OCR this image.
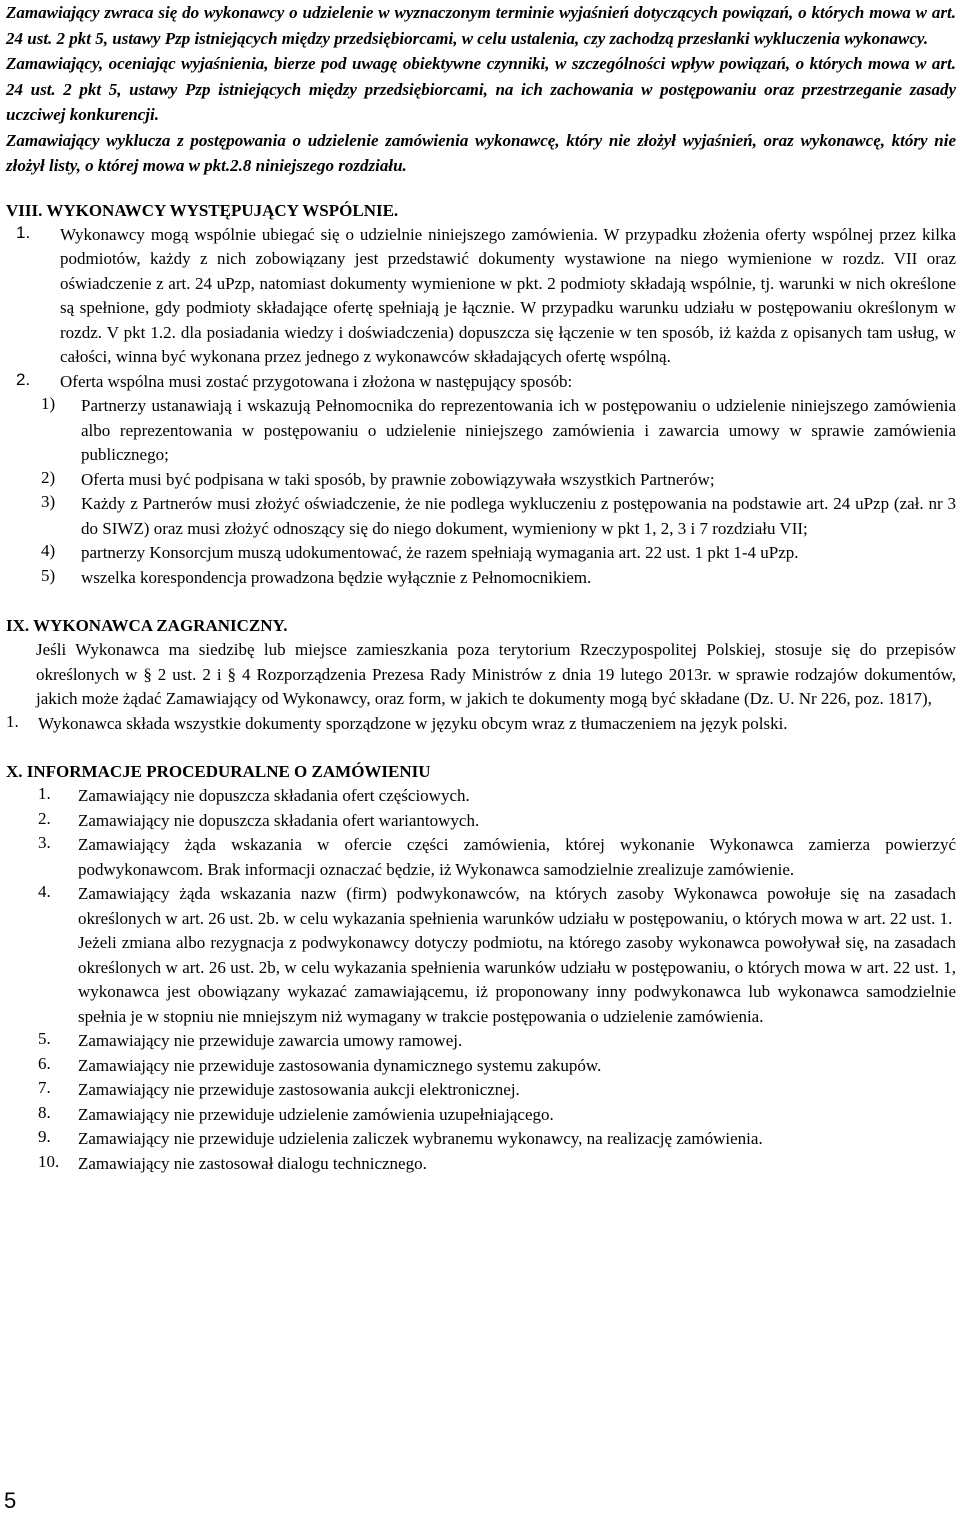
Zamawiający zwraca się do wykonawcy o udzielenie w wyznaczonym terminie wyjaśnień dotyczących powiązań, o których mowa w art. 24 ust. 2 pkt 5, ustawy Pzp istniejących między przedsiębiorcami, w celu ustalenia, czy zachodzą przesłanki wykluczenia wykonawcy.

Zamawiający, oceniając wyjaśnienia, bierze pod uwagę obiektywne czynniki, w szczególności wpływ powiązań, o których mowa w art. 24 ust. 2 pkt 5, ustawy Pzp istniejących między przedsiębiorcami, na ich zachowania w postępowaniu oraz przestrzeganie zasady uczciwej konkurencji.

Zamawiający wyklucza z postępowania o udzielenie zamówienia wykonawcę, który nie złożył wyjaśnień, oraz wykonawcę, który nie złożył listy, o której mowa w pkt.2.8 niniejszego rozdziału.

VIII. WYKONAWCY WYSTĘPUJĄCY WSPÓLNIE.

1.	Wykonawcy mogą wspólnie ubiegać się o udzielnie niniejszego zamówienia. W przypadku złożenia oferty wspólnej przez kilka podmiotów, każdy z nich zobowiązany jest przedstawić dokumenty wystawione na niego wymienione w rozdz. VII oraz oświadczenie z art. 24 uPzp, natomiast dokumenty wymienione w pkt. 2 podmioty składają wspólnie, tj. warunki w nich określone są spełnione, gdy podmioty składające ofertę spełniają je łącznie. W przypadku warunku udziału w postępowaniu określonym w rozdz. V pkt 1.2. dla posiadania wiedzy i doświadczenia) dopuszcza się łączenie w ten sposób, iż każda z opisanych tam usług, w całości, winna być wykonana przez jednego z wykonawców składających ofertę wspólną.
2.	Oferta wspólna musi zostać przygotowana i złożona w następujący sposób:
1)	Partnerzy ustanawiają i wskazują Pełnomocnika do reprezentowania ich w postępowaniu o udzielenie niniejszego zamówienia albo reprezentowania w postępowaniu o udzielenie niniejszego zamówienia i zawarcia umowy w sprawie zamówienia publicznego;
2)	Oferta musi być podpisana w taki sposób, by prawnie zobowiązywała wszystkich Partnerów;
3)	Każdy z Partnerów musi złożyć oświadczenie, że nie podlega wykluczeniu z postępowania na podstawie art. 24 uPzp (zał. nr 3 do SIWZ) oraz musi złożyć odnoszący się do niego dokument, wymieniony w pkt 1, 2, 3 i 7 rozdziału VII;
4)	partnerzy Konsorcjum muszą udokumentować, że razem spełniają wymagania art. 22 ust. 1 pkt 1-4 uPzp.
5)	wszelka korespondencja prowadzona będzie wyłącznie z Pełnomocnikiem.

IX. WYKONAWCA ZAGRANICZNY.

Jeśli Wykonawca ma siedzibę lub miejsce zamieszkania poza terytorium Rzeczypospolitej Polskiej, stosuje się do przepisów określonych w § 2 ust. 2 i § 4 Rozporządzenia Prezesa Rady Ministrów z dnia 19 lutego 2013r. w sprawie rodzajów dokumentów, jakich może żądać Zamawiający od Wykonawcy, oraz form, w jakich te dokumenty mogą być składane (Dz. U. Nr 226, poz. 1817),

1.	Wykonawca składa wszystkie dokumenty sporządzone w języku obcym wraz z tłumaczeniem na język polski.

X. INFORMACJE PROCEDURALNE O ZAMÓWIENIU

1.	Zamawiający nie dopuszcza składania ofert częściowych.
2.	Zamawiający nie dopuszcza składania ofert wariantowych.
3.	Zamawiający żąda wskazania w ofercie części zamówienia, której wykonanie Wykonawca zamierza powierzyć podwykonawcom. Brak informacji oznaczać będzie, iż Wykonawca samodzielnie zrealizuje zamówienie.
4.	Zamawiający żąda wskazania nazw (firm) podwykonawców, na których zasoby Wykonawca powołuje się na zasadach określonych w art. 26 ust. 2b. w celu wykazania spełnienia warunków udziału w postępowaniu, o których mowa w art. 22 ust. 1.
Jeżeli zmiana albo rezygnacja z podwykonawcy dotyczy podmiotu, na którego zasoby wykonawca powoływał się, na zasadach określonych w art. 26 ust. 2b, w celu wykazania spełnienia warunków udziału w postępowaniu, o których mowa w art. 22 ust. 1, wykonawca jest obowiązany wykazać zamawiającemu, iż proponowany inny podwykonawca lub wykonawca samodzielnie spełnia je w stopniu nie mniejszym niż wymagany w trakcie postępowania o udzielenie zamówienia.
5.	Zamawiający nie przewiduje zawarcia umowy ramowej.
6.	Zamawiający nie przewiduje zastosowania dynamicznego systemu zakupów.
7.	Zamawiający nie przewiduje zastosowania aukcji elektronicznej.
8.	Zamawiający nie przewiduje udzielenie zamówienia uzupełniającego.
9.	Zamawiający nie przewiduje udzielenia zaliczek wybranemu wykonawcy, na realizację zamówienia.
10.	Zamawiający nie zastosował dialogu technicznego.
5
